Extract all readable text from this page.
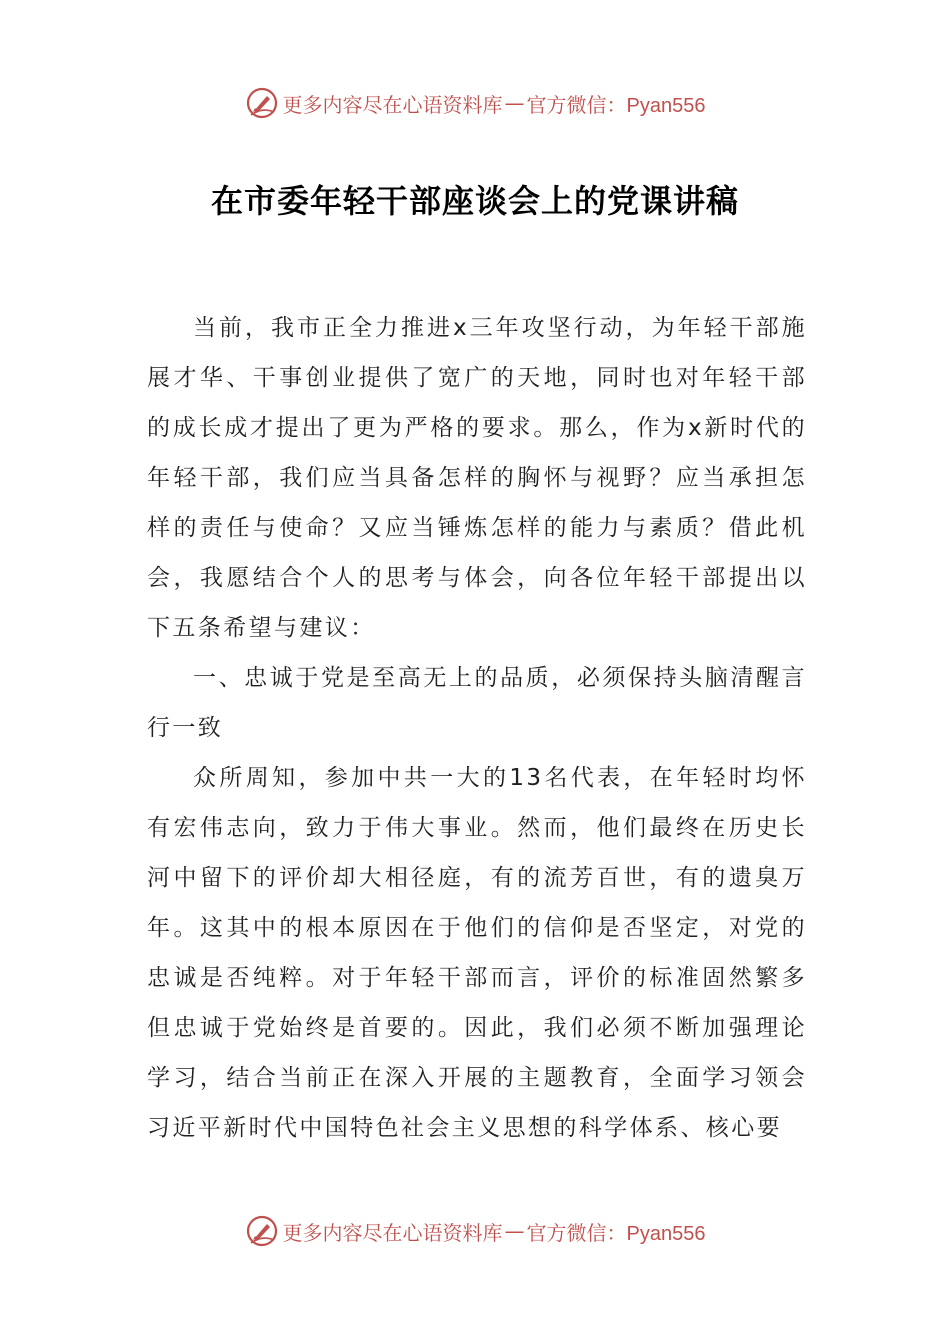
更多内容尽在心语资料库 — 官方微信：Pyan556
在市委年轻干部座谈会上的党课讲稿

当前，我市正全力推进x三年攻坚行动，为年轻干部施展才华、干事创业提供了宽广的天地，同时也对年轻干部的成长成才提出了更为严格的要求。那么，作为x新时代的年轻干部，我们应当具备怎样的胸怀与视野？应当承担怎样的责任与使命？又应当锤炼怎样的能力与素质？借此机会，我愿结合个人的思考与体会，向各位年轻干部提出以下五条希望与建议：

一、忠诚于党是至高无上的品质，必须保持头脑清醒言行一致

众所周知，参加中共一大的13名代表，在年轻时均怀有宏伟志向，致力于伟大事业。然而，他们最终在历史长河中留下的评价却大相径庭，有的流芳百世，有的遗臭万年。这其中的根本原因在于他们的信仰是否坚定，对党的忠诚是否纯粹。对于年轻干部而言，评价的标准固然繁多但忠诚于党始终是首要的。因此，我们必须不断加强理论学习，结合当前正在深入开展的主题教育，全面学习领会习近平新时代中国特色社会主义思想的科学体系、核心要

更多内容尽在心语资料库 — 官方微信：Pyan556
